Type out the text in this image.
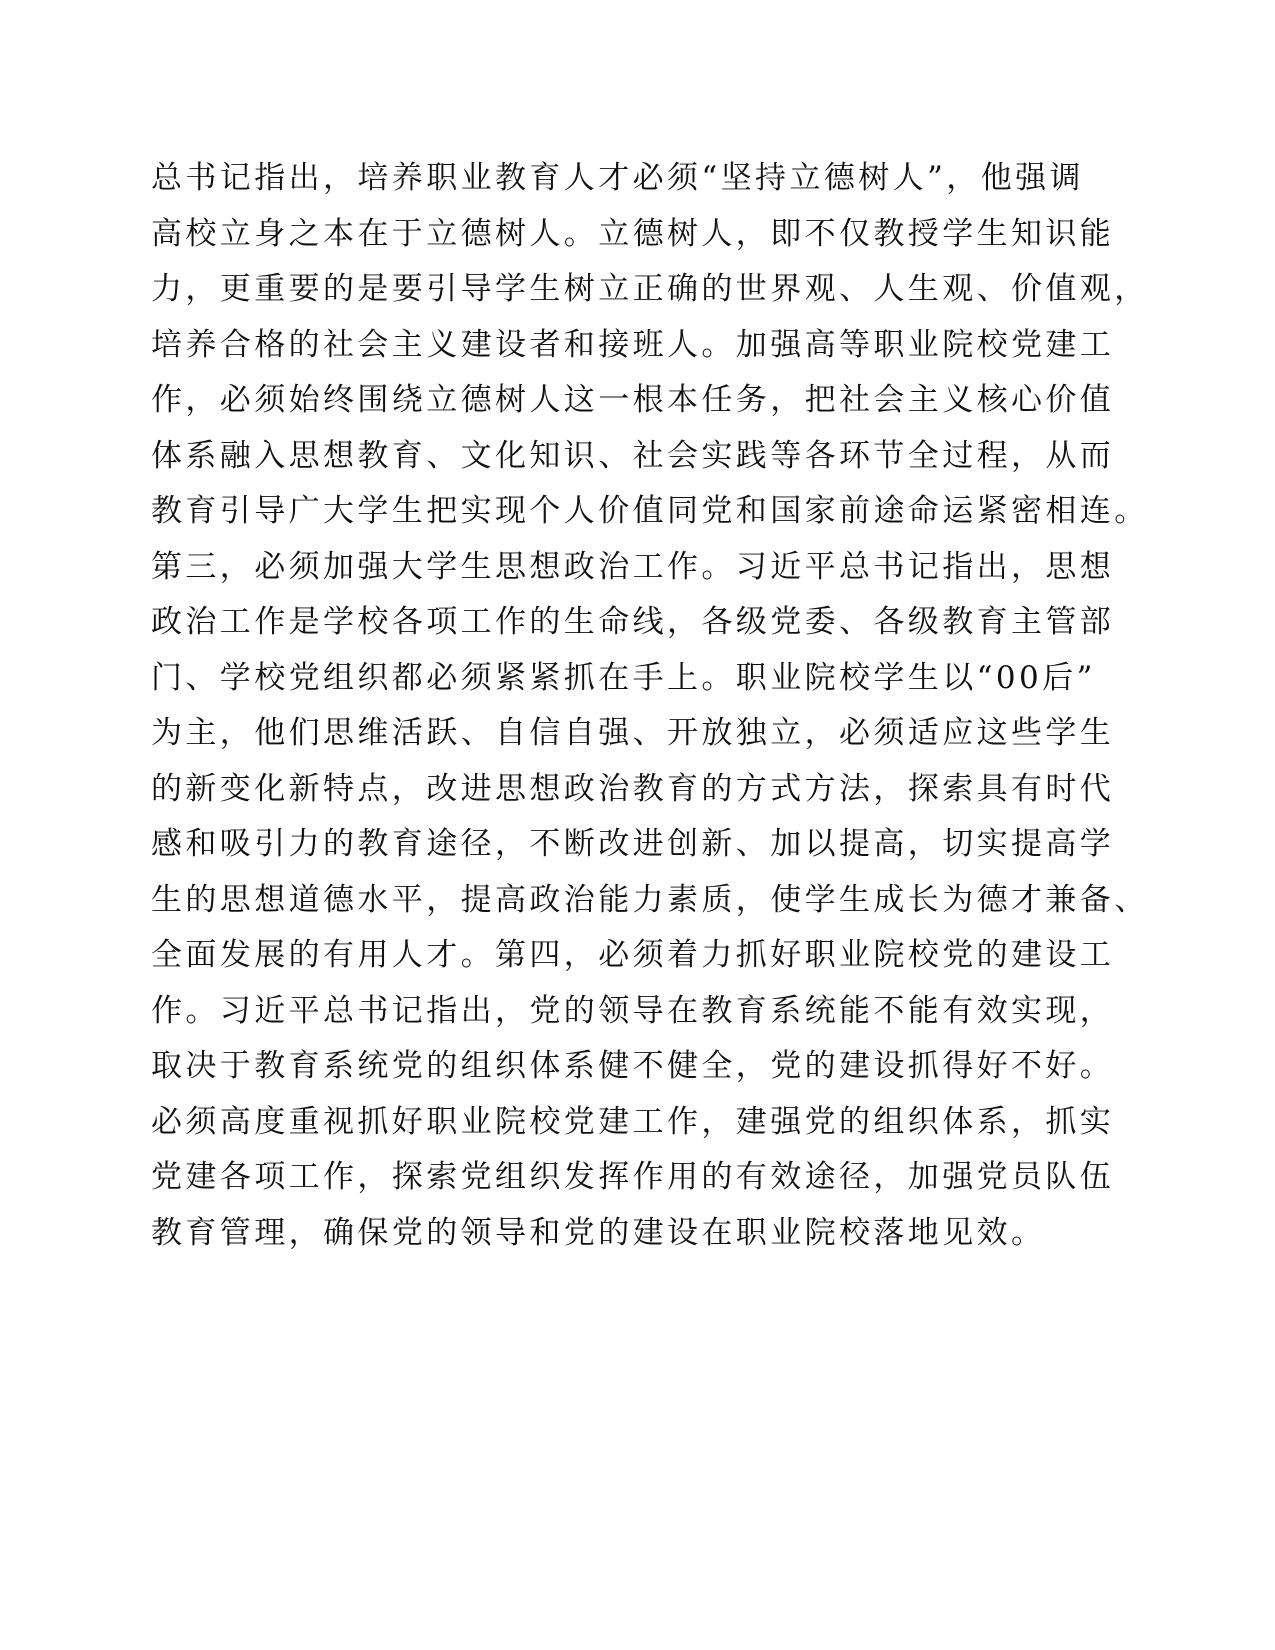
总书记指出，培养职业教育人才必须“坚持立德树人”，他强调
高校立身之本在于立德树人。立德树人，即不仅教授学生知识能
力，更重要的是要引导学生树立正确的世界观、人生观、价值观，
培养合格的社会主义建设者和接班人。加强高等职业院校党建工
作，必须始终围绕立德树人这一根本任务，把社会主义核心价值
体系融入思想教育、文化知识、社会实践等各环节全过程，从而
教育引导广大学生把实现个人价值同党和国家前途命运紧密相连。
第三，必须加强大学生思想政治工作。习近平总书记指出，思想
政治工作是学校各项工作的生命线，各级党委、各级教育主管部
门、学校党组织都必须紧紧抓在手上。职业院校学生以“00后”
为主，他们思维活跃、自信自强、开放独立，必须适应这些学生
的新变化新特点，改进思想政治教育的方式方法，探索具有时代
感和吸引力的教育途径，不断改进创新、加以提高，切实提高学
生的思想道德水平，提高政治能力素质，使学生成长为德才兼备、
全面发展的有用人才。第四，必须着力抓好职业院校党的建设工
作。习近平总书记指出，党的领导在教育系统能不能有效实现，
取决于教育系统党的组织体系健不健全，党的建设抓得好不好。
必须高度重视抓好职业院校党建工作，建强党的组织体系，抓实
党建各项工作，探索党组织发挥作用的有效途径，加强党员队伍
教育管理，确保党的领导和党的建设在职业院校落地见效。
